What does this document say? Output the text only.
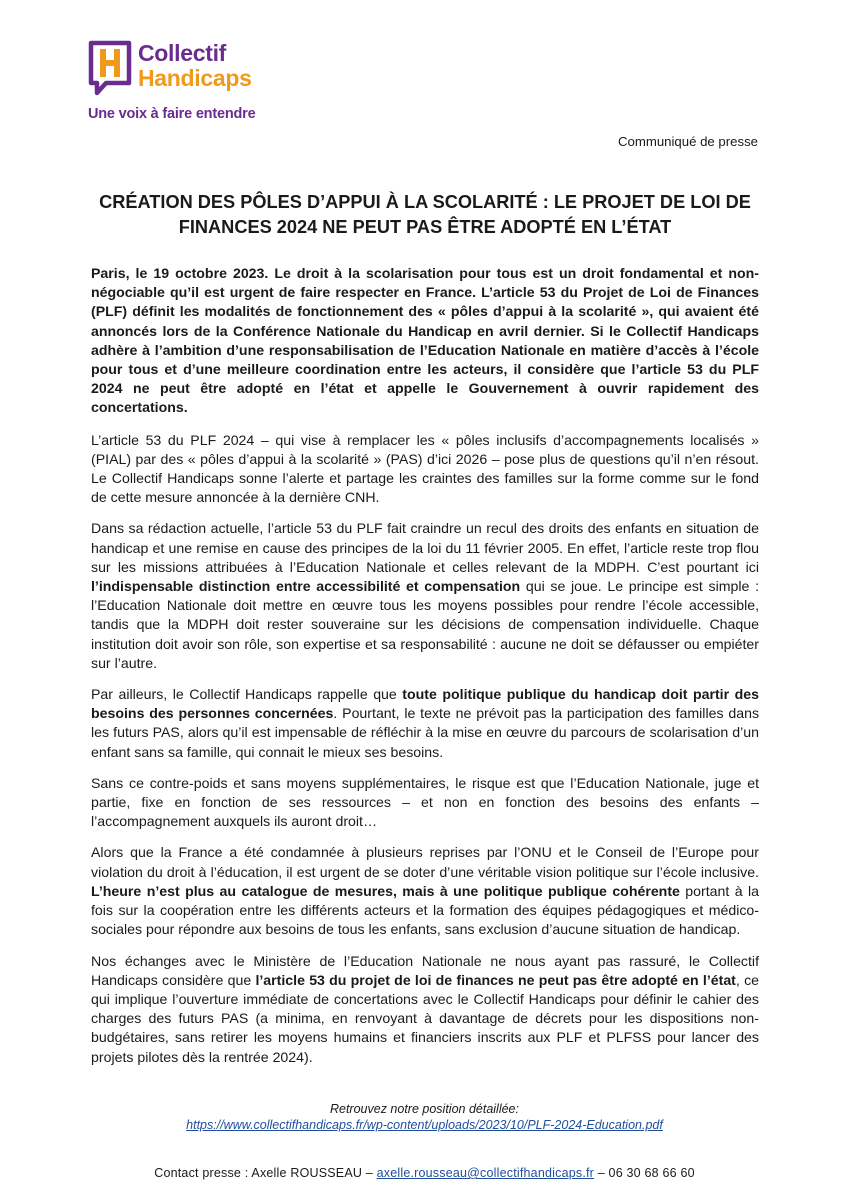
Collectif
Handicaps
Une voix à faire entendre
Communiqué de presse
CRÉATION DES PÔLES D’APPUI À LA SCOLARITÉ : LE PROJET DE LOI DE FINANCES 2024 NE PEUT PAS ÊTRE ADOPTÉ EN L’ÉTAT

Paris, le 19 octobre 2023. Le droit à la scolarisation pour tous est un droit fondamental et non-négociable qu’il est urgent de faire respecter en France. L’article 53 du Projet de Loi de Finances (PLF) définit les modalités de fonctionnement des « pôles d’appui à la scolarité », qui avaient été annoncés lors de la Conférence Nationale du Handicap en avril dernier. Si le Collectif Handicaps adhère à l’ambition d’une responsabilisation de l’Education Nationale en matière d’accès à l’école pour tous et d’une meilleure coordination entre les acteurs, il considère que l’article 53 du PLF 2024 ne peut être adopté en l’état et appelle le Gouvernement à ouvrir rapidement des concertations.

L’article 53 du PLF 2024 – qui vise à remplacer les « pôles inclusifs d’accompagnements localisés » (PIAL) par des « pôles d’appui à la scolarité » (PAS) d’ici 2026 – pose plus de questions qu’il n’en résout. Le Collectif Handicaps sonne l’alerte et partage les craintes des familles sur la forme comme sur le fond de cette mesure annoncée à la dernière CNH.

Dans sa rédaction actuelle, l’article 53 du PLF fait craindre un recul des droits des enfants en situation de handicap et une remise en cause des principes de la loi du 11 février 2005. En effet, l’article reste trop flou sur les missions attribuées à l’Education Nationale et celles relevant de la MDPH. C’est pourtant ici l’indispensable distinction entre accessibilité et compensation qui se joue. Le principe est simple : l’Education Nationale doit mettre en œuvre tous les moyens possibles pour rendre l’école accessible, tandis que la MDPH doit rester souveraine sur les décisions de compensation individuelle. Chaque institution doit avoir son rôle, son expertise et sa responsabilité : aucune ne doit se défausser ou empiéter sur l’autre.

Par ailleurs, le Collectif Handicaps rappelle que toute politique publique du handicap doit partir des besoins des personnes concernées. Pourtant, le texte ne prévoit pas la participation des familles dans les futurs PAS, alors qu’il est impensable de réfléchir à la mise en œuvre du parcours de scolarisation d’un enfant sans sa famille, qui connait le mieux ses besoins.

Sans ce contre-poids et sans moyens supplémentaires, le risque est que l’Education Nationale, juge et partie, fixe en fonction de ses ressources – et non en fonction des besoins des enfants – l’accompagnement auxquels ils auront droit…

Alors que la France a été condamnée à plusieurs reprises par l’ONU et le Conseil de l’Europe pour violation du droit à l’éducation, il est urgent de se doter d’une véritable vision politique sur l’école inclusive. L’heure n’est plus au catalogue de mesures, mais à une politique publique cohérente portant à la fois sur la coopération entre les différents acteurs et la formation des équipes pédagogiques et médico-sociales pour répondre aux besoins de tous les enfants, sans exclusion d’aucune situation de handicap.

Nos échanges avec le Ministère de l’Education Nationale ne nous ayant pas rassuré, le Collectif Handicaps considère que l’article 53 du projet de loi de finances ne peut pas être adopté en l’état, ce qui implique l’ouverture immédiate de concertations avec le Collectif Handicaps pour définir le cahier des charges des futurs PAS (a minima, en renvoyant à davantage de décrets pour les dispositions non-budgétaires, sans retirer les moyens humains et financiers inscrits aux PLF et PLFSS pour lancer des projets pilotes dès la rentrée 2024).

Retrouvez notre position détaillée:
https://www.collectifhandicaps.fr/wp-content/uploads/2023/10/PLF-2024-Education.pdf
Contact presse : Axelle ROUSSEAU – axelle.rousseau@collectifhandicaps.fr – 06 30 68 66 60
